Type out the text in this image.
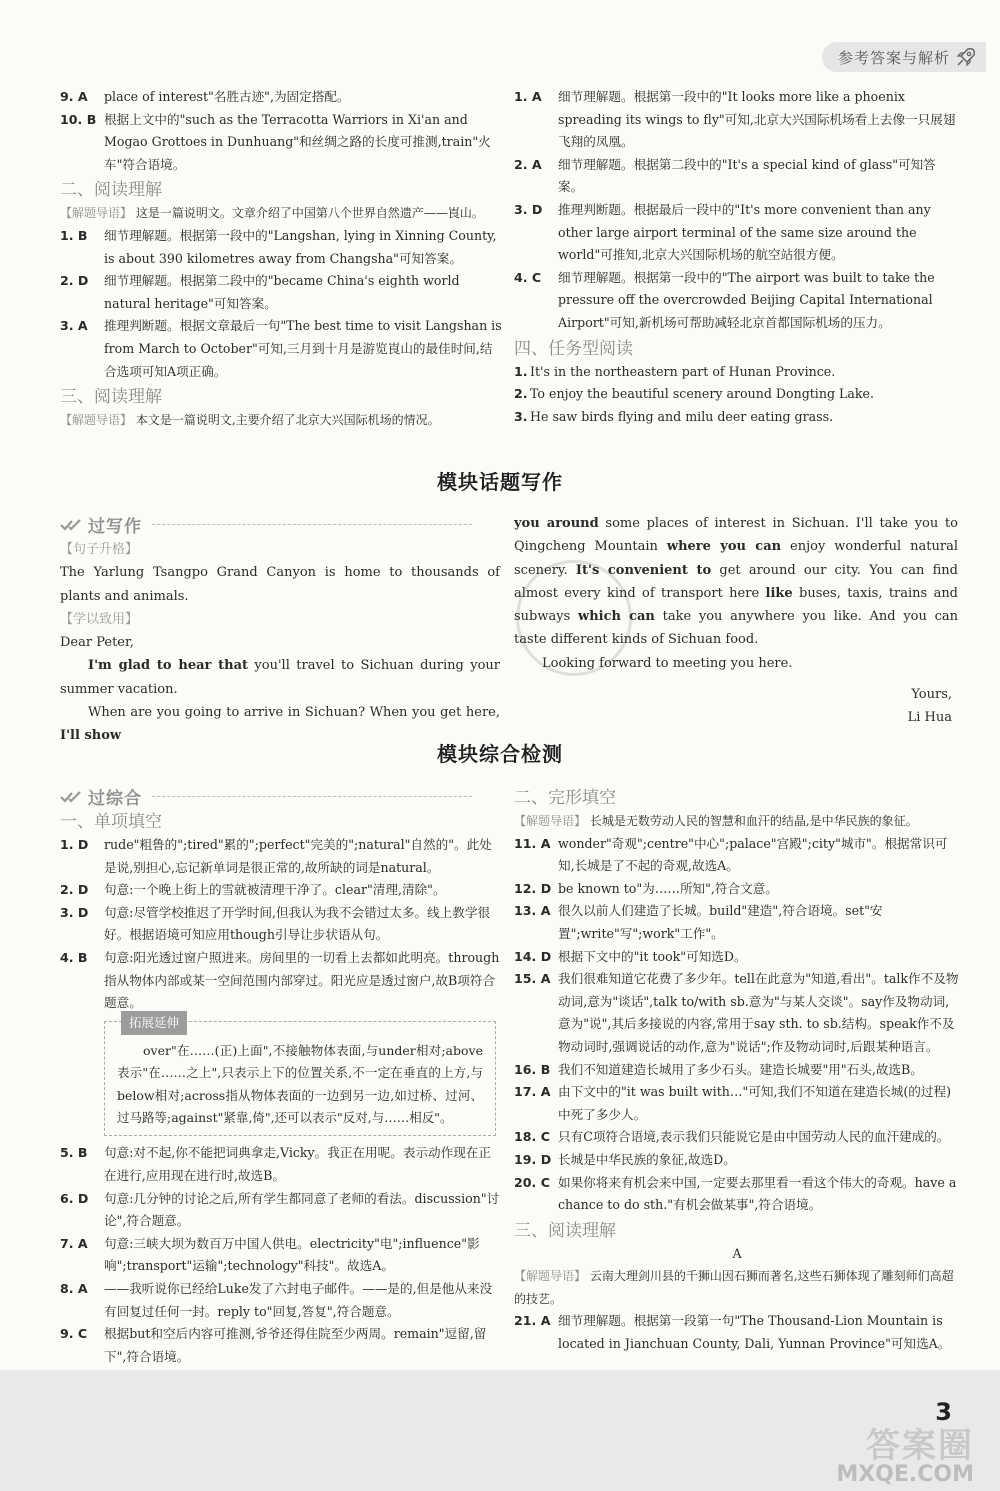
参考答案与解析
9. A place of interest"名胜古迹",为固定搭配。
10. B 根据上文中的"such as the Terracotta Warriors in Xi'an and Mogao Grottoes in Dunhuang"和丝绸之路的长度可推测,train"火车"符合语境。
二、阅读理解
【解题导语】 这是一篇说明文。文章介绍了中国第八个世界自然遗产——崀山。
1. B 细节理解题。根据第一段中的"Langshan, lying in Xinning County, is about 390 kilometres away from Changsha"可知答案。
2. D 细节理解题。根据第二段中的"became China's eighth world natural heritage"可知答案。
3. A 推理判断题。根据文章最后一句"The best time to visit Langshan is from March to October"可知,三月到十月是游览崀山的最佳时间,结合选项可知A项正确。
三、阅读理解
【解题导语】 本文是一篇说明文,主要介绍了北京大兴国际机场的情况。
1. A 细节理解题。根据第一段中的"It looks more like a phoenix spreading its wings to fly"可知,北京大兴国际机场看上去像一只展翅飞翔的凤凰。
2. A 细节理解题。根据第二段中的"It's a special kind of glass"可知答案。
3. D 推理判断题。根据最后一段中的"It's more convenient than any other large airport terminal of the same size around the world"可推知,北京大兴国际机场的航空站很方便。
4. C 细节理解题。根据第一段中的"The airport was built to take the pressure off the overcrowded Beijing Capital International Airport"可知,新机场可帮助减轻北京首都国际机场的压力。
四、任务型阅读
1. It's in the northeastern part of Hunan Province.
2. To enjoy the beautiful scenery around Dongting Lake.
3. He saw birds flying and milu deer eating grass.
模块话题写作
过写作
【句子升格】
The Yarlung Tsangpo Grand Canyon is home to thousands of plants and animals.
【学以致用】
Dear Peter,
I'm glad to hear that you'll travel to Sichuan during your summer vacation.
When are you going to arrive in Sichuan? When you get here, I'll show
you around some places of interest in Sichuan. I'll take you to Qingcheng Mountain where you can enjoy wonderful natural scenery. It's convenient to get around our city. You can find almost every kind of transport here like buses, taxis, trains and subways which can take you anywhere you like. And you can taste different kinds of Sichuan food.
Looking forward to meeting you here.
Yours,
Li Hua
模块综合检测
过综合
一、单项填空
1. D rude"粗鲁的";tired"累的";perfect"完美的";natural"自然的"。此处是说,别担心,忘记新单词是很正常的,故所缺的词是natural。
2. D 句意:一个晚上街上的雪就被清理干净了。clear"清理,清除"。
3. D 句意:尽管学校推迟了开学时间,但我认为我不会错过太多。线上教学很好。根据语境可知应用though引导让步状语从句。
4. B 句意:阳光透过窗户照进来。房间里的一切看上去都如此明亮。through指从物体内部或某一空间范围内部穿过。阳光应是透过窗户,故B项符合题意。
拓展延伸
over"在……(正)上面",不接触物体表面,与under相对;above表示"在……之上",只表示上下的位置关系,不一定在垂直的上方,与below相对;across指从物体表面的一边到另一边,如过桥、过河、过马路等;against"紧靠,倚",还可以表示"反对,与……相反"。
5. B 句意:对不起,你不能把词典拿走,Vicky。我正在用呢。表示动作现在正在进行,应用现在进行时,故选B。
6. D 句意:几分钟的讨论之后,所有学生都同意了老师的看法。discussion"讨论",符合题意。
7. A 句意:三峡大坝为数百万中国人供电。electricity"电";influence"影响";transport"运输";technology"科技"。故选A。
8. A ——我听说你已经给Luke发了六封电子邮件。——是的,但是他从来没有回复过任何一封。reply to"回复,答复",符合题意。
9. C 根据but和空后内容可推测,爷爷还得住院至少两周。remain"逗留,留下",符合语境。
二、完形填空
【解题导语】 长城是无数劳动人民的智慧和血汗的结晶,是中华民族的象征。
11. A wonder"奇观";centre"中心";palace"宫殿";city"城市"。根据常识可知,长城是了不起的奇观,故选A。
12. D be known to"为……所知",符合文意。
13. A 很久以前人们建造了长城。build"建造",符合语境。set"安置";write"写";work"工作"。
14. D 根据下文中的"it took"可知选D。
15. A 我们很难知道它花费了多少年。tell在此意为"知道,看出"。talk作不及物动词,意为"谈话",talk to/with sb.意为"与某人交谈"。say作及物动词,意为"说",其后多接说的内容,常用于say sth. to sb.结构。speak作不及物动词时,强调说话的动作,意为"说话";作及物动词时,后跟某种语言。
16. B 我们不知道建造长城用了多少石头。建造长城要"用"石头,故选B。
17. A 由下文中的"it was built with…"可知,我们不知道在建造长城(的过程)中死了多少人。
18. C 只有C项符合语境,表示我们只能说它是由中国劳动人民的血汗建成的。
19. D 长城是中华民族的象征,故选D。
20. C 如果你将来有机会来中国,一定要去那里看一看这个伟大的奇观。have a chance to do sth."有机会做某事",符合语境。
三、阅读理解
A
【解题导语】 云南大理剑川县的千狮山因石狮而著名,这些石狮体现了雕刻师们高超的技艺。
21. A 细节理解题。根据第一段第一句"The Thousand-Lion Mountain is located in Jianchuan County, Dali, Yunnan Province"可知选A。
3
答案圈
MXQE.COM
